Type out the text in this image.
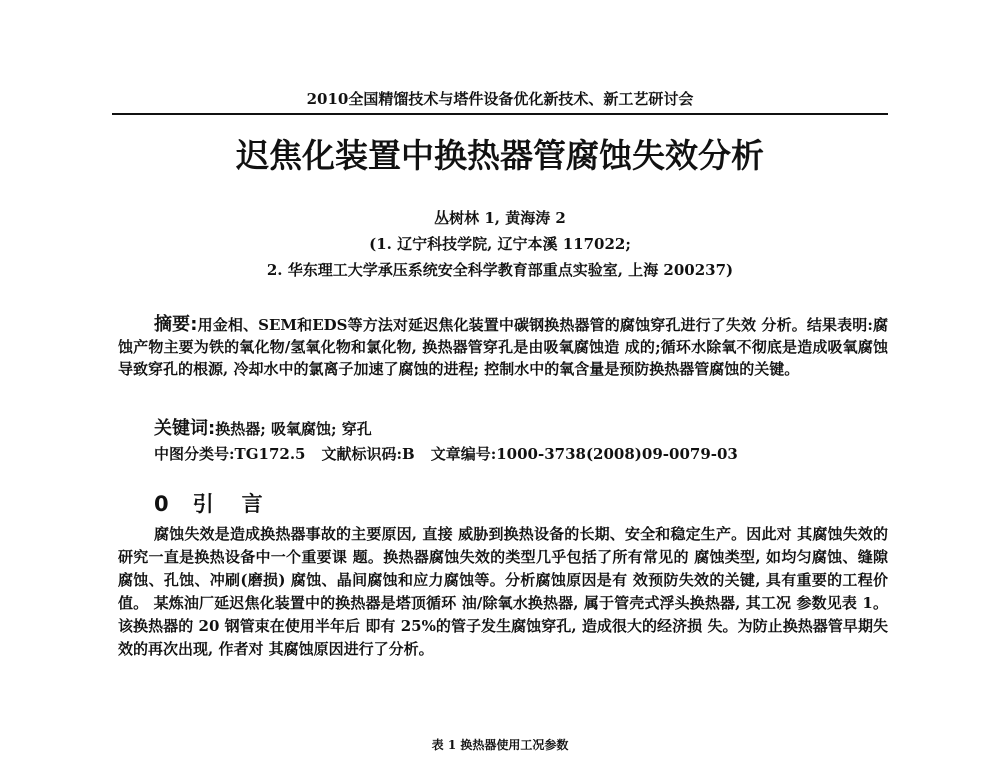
2010全国精馏技术与塔件设备优化新技术、新工艺研讨会
迟焦化装置中换热器管腐蚀失效分析
丛树林 1, 黄海涛 2
(1. 辽宁科技学院, 辽宁本溪 117022;
2. 华东理工大学承压系统安全科学教育部重点实验室, 上海 200237)

摘要:用金相、SEM和EDS等方法对延迟焦化装置中碳钢换热器管的腐蚀穿孔进行了失效 分析。结果表明:腐蚀产物主要为铁的氧化物/氢氧化物和氯化物, 换热器管穿孔是由吸氧腐蚀造 成的;循环水除氧不彻底是造成吸氧腐蚀导致穿孔的根源, 冷却水中的氯离子加速了腐蚀的进程; 控制水中的氧含量是预防换热器管腐蚀的关键。

关键词:换热器; 吸氧腐蚀; 穿孔
中图分类号:TG172.5 文献标识码:B 文章编号:1000-3738(2008)09-0079-03
0 引 言

腐蚀失效是造成换热器事故的主要原因, 直接 威胁到换热设备的长期、安全和稳定生产。因此对 其腐蚀失效的研究一直是换热设备中一个重要课 题。换热器腐蚀失效的类型几乎包括了所有常见的 腐蚀类型, 如均匀腐蚀、缝隙腐蚀、孔蚀、冲刷(磨损) 腐蚀、晶间腐蚀和应力腐蚀等。分析腐蚀原因是有 效预防失效的关键, 具有重要的工程价值。 某炼油厂延迟焦化装置中的换热器是塔顶循环 油/除氧水换热器, 属于管壳式浮头换热器, 其工况 参数见表 1。该换热器的 20 钢管束在使用半年后 即有 25%的管子发生腐蚀穿孔, 造成很大的经济损 失。为防止换热器管早期失效的再次出现, 作者对 其腐蚀原因进行了分析。

表 1 换热器使用工况参数
